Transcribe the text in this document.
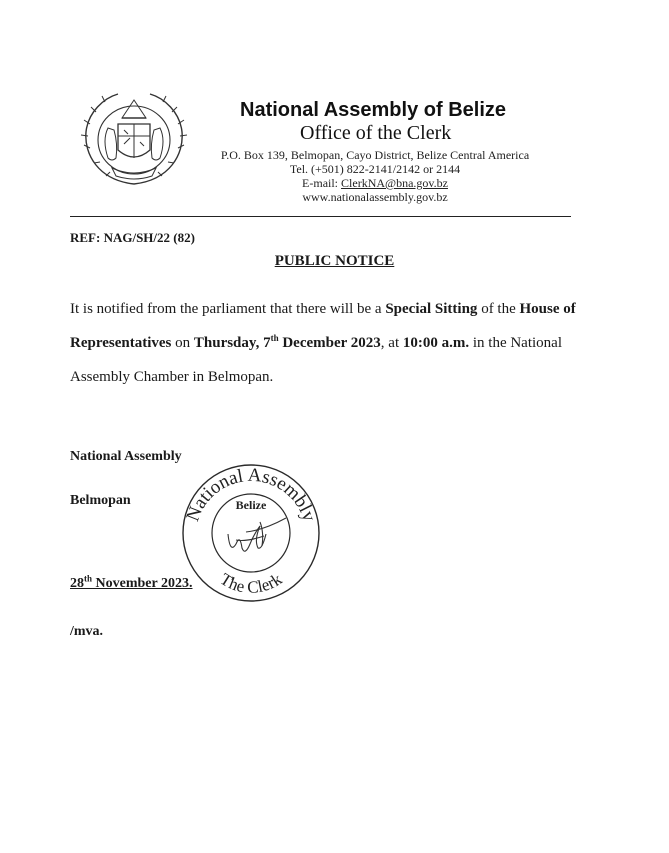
National Assembly of Belize
Office of the Clerk
P.O. Box 139, Belmopan, Cayo District, Belize Central America
Tel. (+501) 822-2141/2142 or 2144
E-mail: ClerkNA@bna.gov.bz
www.nationalassembly.gov.bz
REF: NAG/SH/22 (82)
PUBLIC NOTICE
It is notified from the parliament that there will be a Special Sitting of the House of
Representatives on Thursday, 7th December 2023, at 10:00 a.m. in the National
Assembly Chamber in Belmopan.
National Assembly
Belmopan
28th November 2023.
/mva.
National Assembly
Belize
The Clerk
